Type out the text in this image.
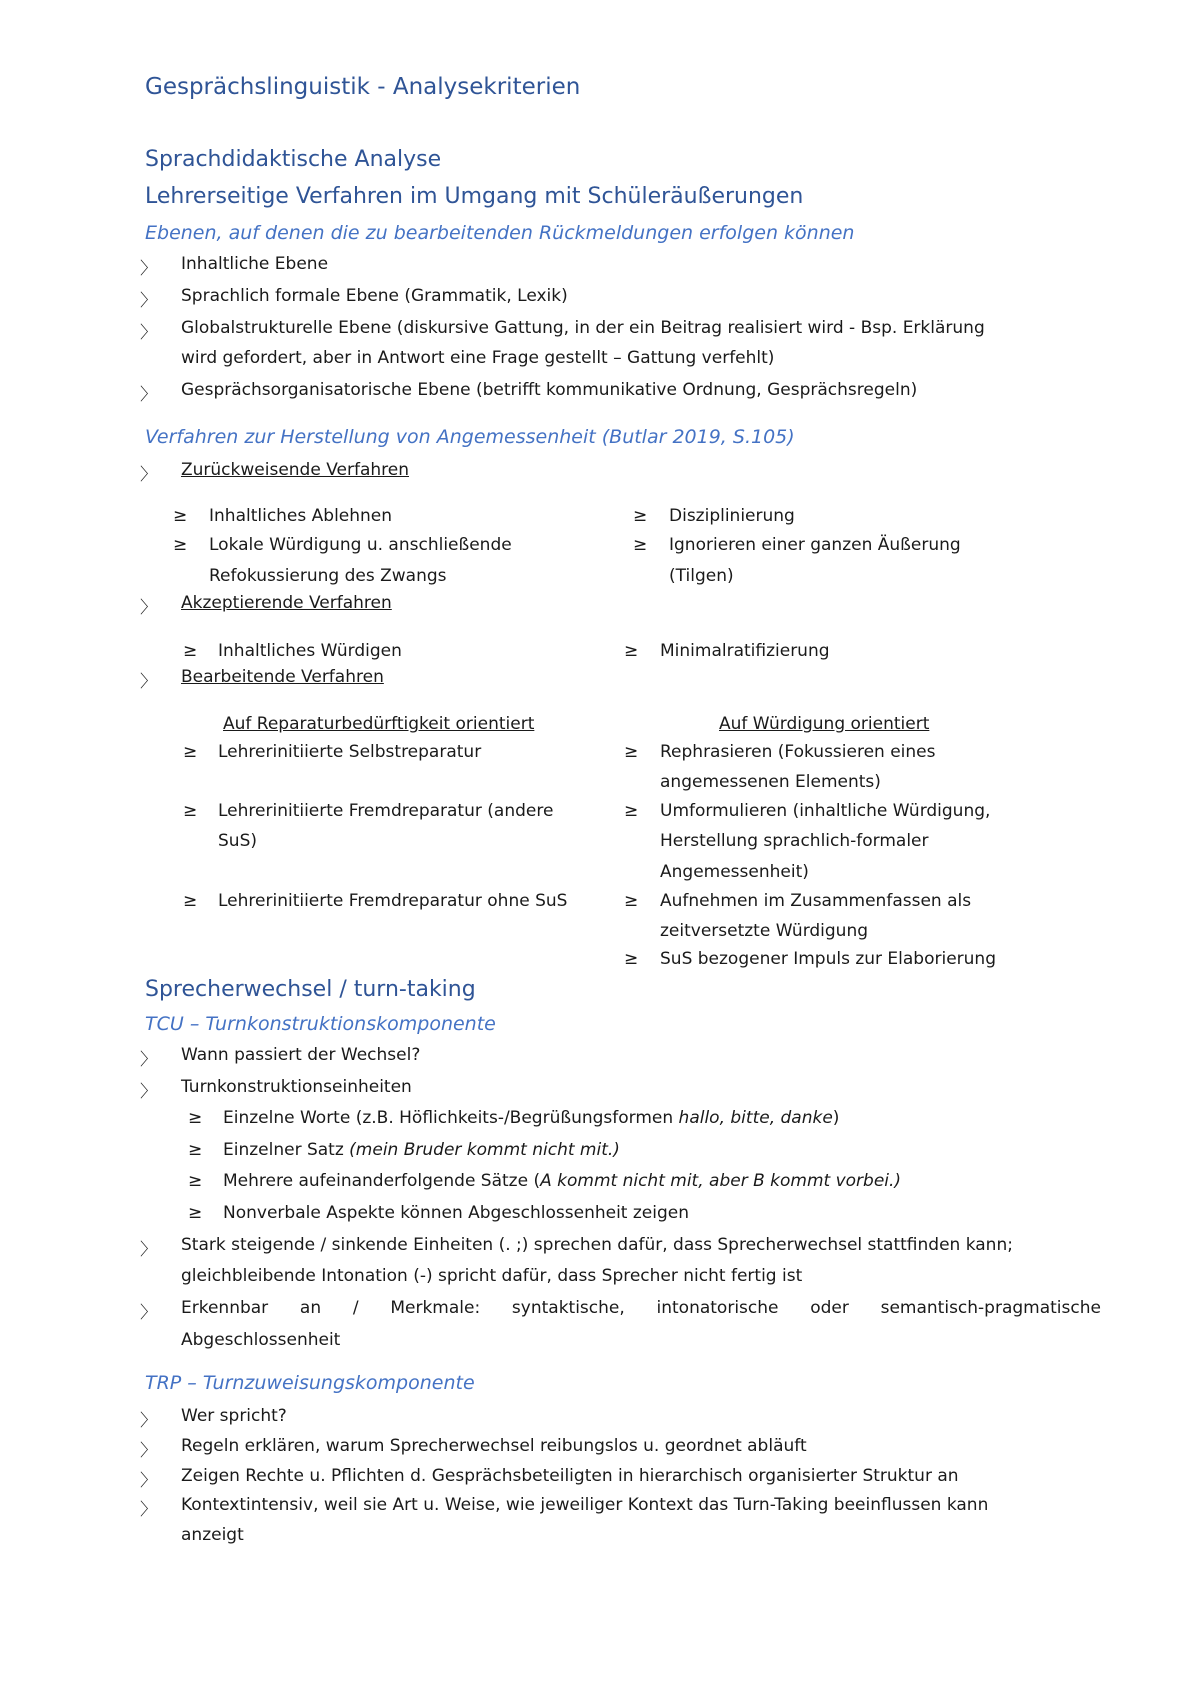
Gesprächslinguistik - Analysekriterien
Sprachdidaktische Analyse
Lehrerseitige Verfahren im Umgang mit Schüleräußerungen
Ebenen, auf denen die zu bearbeitenden Rückmeldungen erfolgen können
〉 Inhaltliche Ebene
〉 Sprachlich formale Ebene (Grammatik, Lexik)
〉 Globalstrukturelle Ebene (diskursive Gattung, in der ein Beitrag realisiert wird - Bsp. Erklärung
wird gefordert, aber in Antwort eine Frage gestellt – Gattung verfehlt)
〉 Gesprächsorganisatorische Ebene (betrifft kommunikative Ordnung, Gesprächsregeln)
Verfahren zur Herstellung von Angemessenheit (Butlar 2019, S.105)
〉 Zurückweisende Verfahren
≥ Inhaltliches Ablehnen
≥ Lokale Würdigung u. anschließende
Refokussierung des Zwangs
≥ Disziplinierung
≥ Ignorieren einer ganzen Äußerung
(Tilgen)
〉 Akzeptierende Verfahren
≥ Inhaltliches Würdigen	≥ Minimalratifizierung
〉 Bearbeitende Verfahren
Auf Reparaturbedürftigkeit orientiert	Auf Würdigung orientiert
≥ Lehrerinitiierte Selbstreparatur
≥ Lehrerinitiierte Fremdreparatur (andere
SuS)
≥ Lehrerinitiierte Fremdreparatur ohne SuS
≥ Rephrasieren (Fokussieren eines
angemessenen Elements)
≥ Umformulieren (inhaltliche Würdigung,
Herstellung sprachlich-formaler
Angemessenheit)
≥ Aufnehmen im Zusammenfassen als
zeitversetzte Würdigung
≥ SuS bezogener Impuls zur Elaborierung
Sprecherwechsel / turn-taking
TCU – Turnkonstruktionskomponente
〉 Wann passiert der Wechsel?
〉 Turnkonstruktionseinheiten
≥ Einzelne Worte (z.B. Höflichkeits-/Begrüßungsformen hallo, bitte, danke)
≥ Einzelner Satz (mein Bruder kommt nicht mit.)
≥ Mehrere aufeinanderfolgende Sätze (A kommt nicht mit, aber B kommt vorbei.)
≥ Nonverbale Aspekte können Abgeschlossenheit zeigen
〉 Stark steigende / sinkende Einheiten (. ;) sprechen dafür, dass Sprecherwechsel stattfinden kann;
gleichbleibende Intonation (-) spricht dafür, dass Sprecher nicht fertig ist
〉 Erkennbar an / Merkmale: syntaktische, intonatorische oder semantisch-pragmatische
Abgeschlossenheit
TRP – Turnzuweisungskomponente
〉 Wer spricht?
〉 Regeln erklären, warum Sprecherwechsel reibungslos u. geordnet abläuft
〉 Zeigen Rechte u. Pflichten d. Gesprächsbeteiligten in hierarchisch organisierter Struktur an
〉 Kontextintensiv, weil sie Art u. Weise, wie jeweiliger Kontext das Turn-Taking beeinflussen kann
anzeigt
